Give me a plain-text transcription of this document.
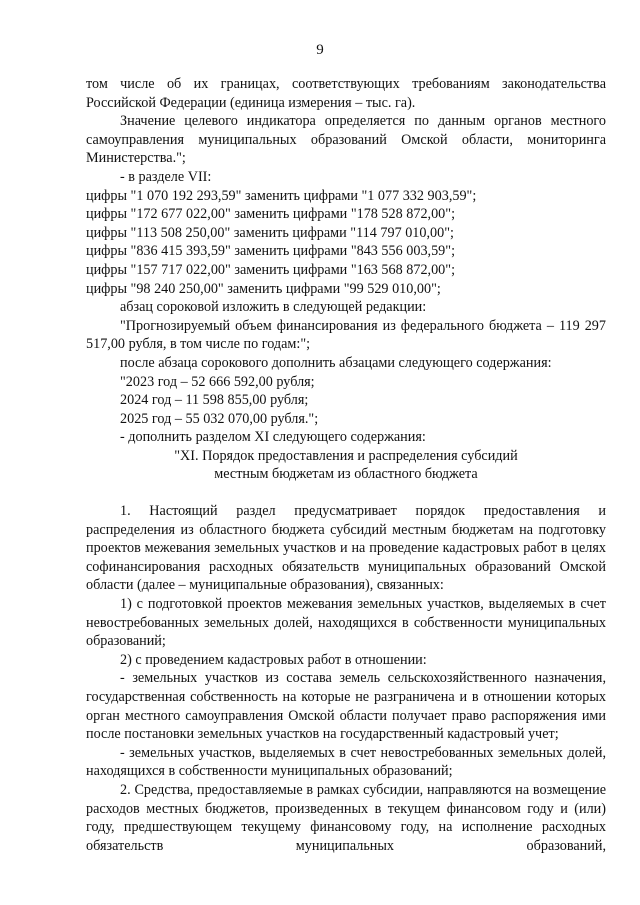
9

том числе об их границах, соответствующих требованиям законодательства

Российской Федерации (единица измерения – тыс. га).

Значение целевого индикатора определяется по данным органов местного самоуправления муниципальных образований Омской области, мониторинга Министерства.";

- в разделе VII:

цифры "1 070 192 293,59" заменить цифрами "1 077 332 903,59";

цифры "172 677 022,00" заменить цифрами "178 528 872,00";

цифры "113 508 250,00" заменить цифрами "114 797 010,00";

цифры "836 415 393,59" заменить цифрами "843 556 003,59";

цифры "157 717 022,00" заменить цифрами "163 568 872,00";

цифры "98 240 250,00" заменить цифрами "99 529 010,00";

абзац сороковой изложить в следующей редакции:

"Прогнозируемый объем финансирования из федерального бюджета – 119 297 517,00 рубля, в том числе по годам:";

после абзаца сорокового дополнить абзацами следующего содержания:

"2023 год – 52 666 592,00 рубля;

2024 год – 11 598 855,00 рубля;

2025 год – 55 032 070,00 рубля.";

- дополнить разделом XI следующего содержания:

"XI. Порядок предоставления и распределения субсидий

местным бюджетам из областного бюджета

1. Настоящий раздел предусматривает порядок предоставления и распределения из областного бюджета субсидий местным бюджетам на подготовку проектов межевания земельных участков и на проведение кадастровых работ в целях софинансирования расходных обязательств муниципальных образований Омской области (далее – муниципальные образования), связанных:

1) с подготовкой проектов межевания земельных участков, выделяемых в счет невостребованных земельных долей, находящихся в собственности муниципальных образований;

2) с проведением кадастровых работ в отношении:

- земельных участков из состава земель сельскохозяйственного назначения, государственная собственность на которые не разграничена и в отношении которых орган местного самоуправления Омской области получает право распоряжения ими после постановки земельных участков на государственный кадастровый учет;

- земельных участков, выделяемых в счет невостребованных земельных долей, находящихся в собственности муниципальных образований;

2. Средства, предоставляемые в рамках субсидии, направляются на возмещение расходов местных бюджетов, произведенных в текущем финансовом году и (или) году, предшествующем текущему финансовому году, на исполнение расходных обязательств муниципальных образований,
